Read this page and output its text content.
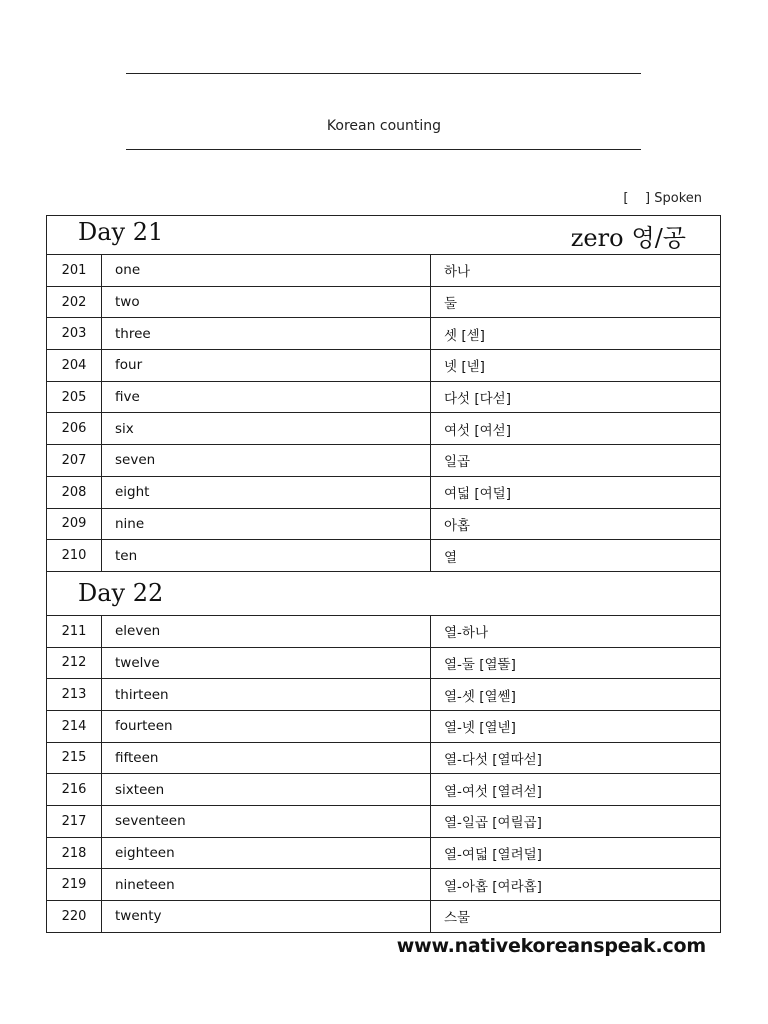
Korean counting
[ ] Spoken
Day 21 zero 영/공		

201	one	하나
202	two	둘
203	three	셋 [섿]
204	four	넷 [넫]
205	five	다섯 [다섣]
206	six	여섯 [여섣]
207	seven	일곱
208	eight	여덟 [여덜]
209	nine	아홉
210	ten	열

Day 22		

211	eleven	열-하나
212	twelve	열-둘 [열뚤]
213	thirteen	열-셋 [열쎋]
214	fourteen	열-넷 [열넫]
215	fifteen	열-다섯 [열따섣]
216	sixteen	열-여섯 [열려섣]
217	seventeen	열-일곱 [여릴곱]
218	eighteen	열-여덟 [열려덜]
219	nineteen	열-아홉 [여라홉]
220	twenty	스물
www.nativekoreanspeak.com
